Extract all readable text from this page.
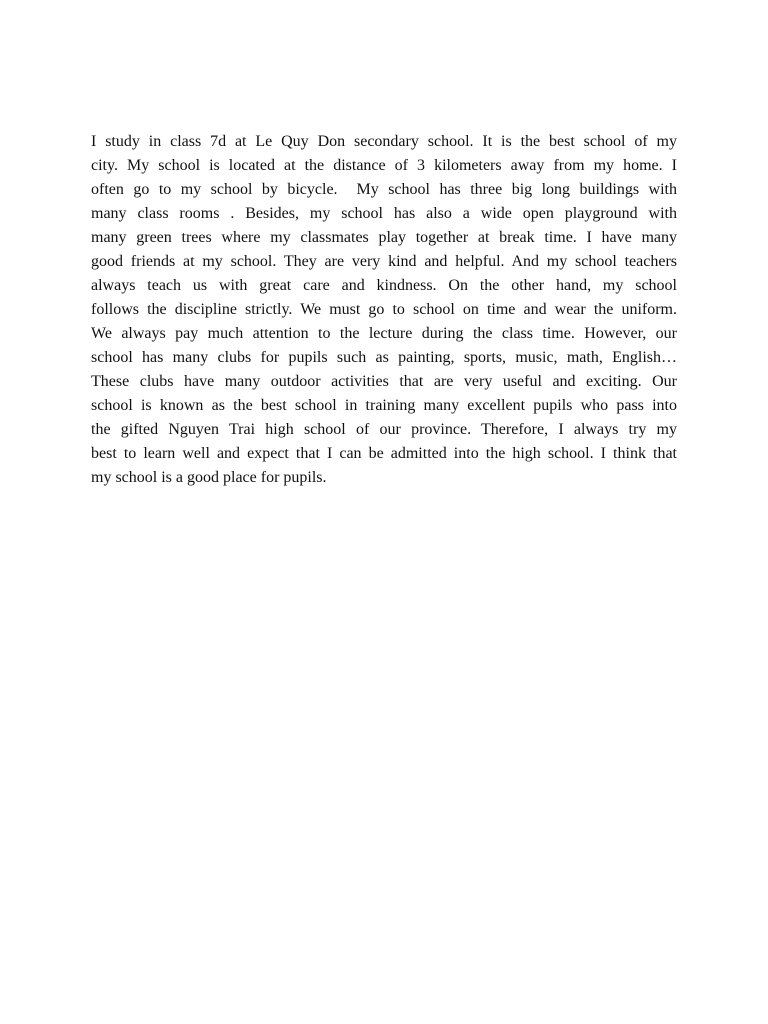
I study in class 7d at Le Quy Don secondary school. It is the best school of my
city. My school is located at the distance of 3 kilometers away from my home. I
often go to my school by bicycle.  My school has three big long buildings with
many class rooms . Besides, my school has also a wide open playground with
many green trees where my classmates play together at break time. I have many
good friends at my school. They are very kind and helpful. And my school teachers
always teach us with great care and kindness. On the other hand, my school
follows the discipline strictly. We must go to school on time and wear the uniform.
We always pay much attention to the lecture during the class time. However, our
school has many clubs for pupils such as painting, sports, music, math, English…
These clubs have many outdoor activities that are very useful and exciting. Our
school is known as the best school in training many excellent pupils who pass into
the gifted Nguyen Trai high school of our province. Therefore, I always try my
best to learn well and expect that I can be admitted into the high school. I think that
my school is a good place for pupils.
